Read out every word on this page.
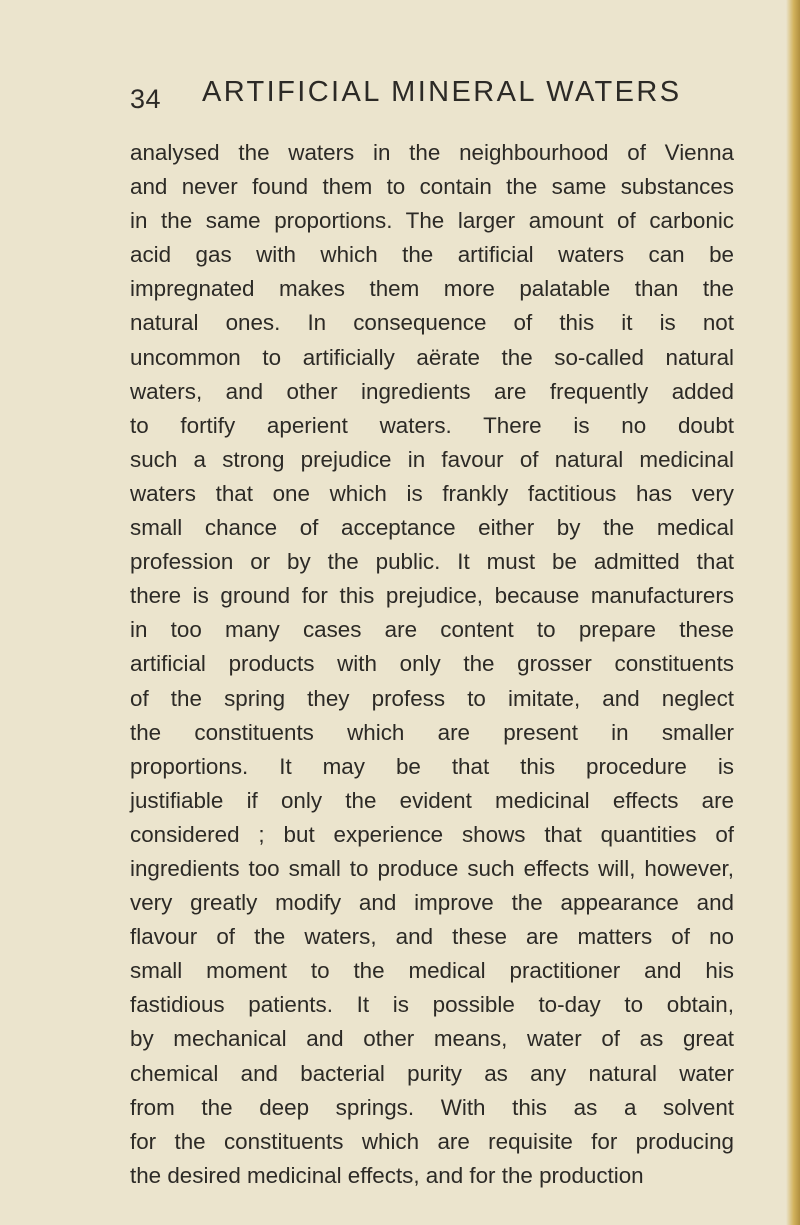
34 ARTIFICIAL MINERAL WATERS
analysed the waters in the neighbourhood of Vienna
and never found them to contain the same substances
in the same proportions. The larger amount of carbonic
acid gas with which the artificial waters can be
impregnated makes them more palatable than the
natural ones. In consequence of this it is not
uncommon to artificially aërate the so-called natural
waters, and other ingredients are frequently added
to fortify aperient waters. There is no doubt
such a strong prejudice in favour of natural medicinal
waters that one which is frankly factitious has very
small chance of acceptance either by the medical
profession or by the public. It must be admitted that
there is ground for this prejudice, because manufacturers
in too many cases are content to prepare these
artificial products with only the grosser constituents
of the spring they profess to imitate, and neglect
the constituents which are present in smaller
proportions. It may be that this procedure is
justifiable if only the evident medicinal effects are
considered ; but experience shows that quantities of
ingredients too small to produce such effects will, however,
very greatly modify and improve the appearance and
flavour of the waters, and these are matters of no
small moment to the medical practitioner and his
fastidious patients. It is possible to-day to obtain,
by mechanical and other means, water of as great
chemical and bacterial purity as any natural water
from the deep springs. With this as a solvent
for the constituents which are requisite for producing
the desired medicinal effects, and for the production
